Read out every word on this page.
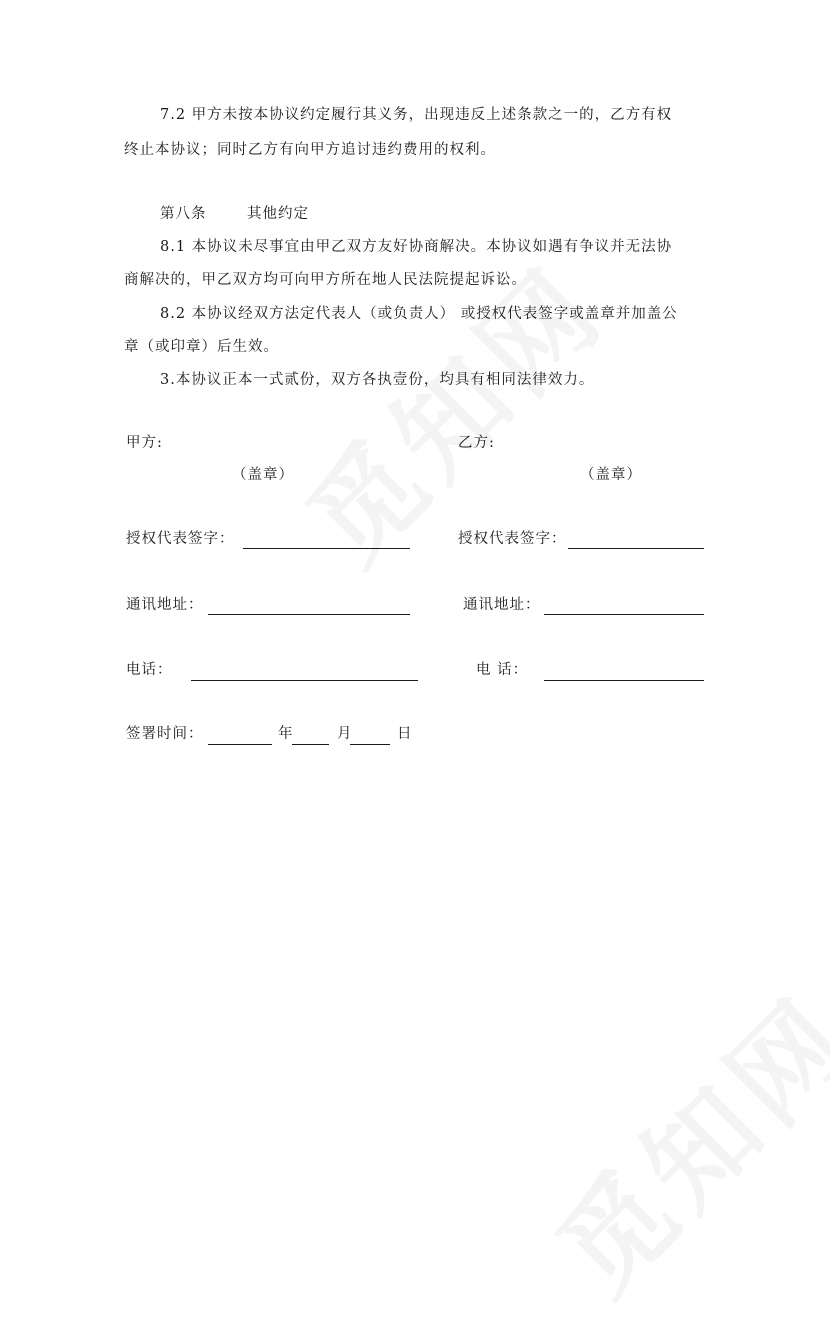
7.2 甲方未按本协议约定履行其义务，出现违反上述条款之一的，乙方有权
终止本协议；同时乙方有向甲方追讨违约费用的权利。
第八条	其他约定
8.1 本协议未尽事宜由甲乙双方友好协商解决。本协议如遇有争议并无法协
商解决的，甲乙双方均可向甲方所在地人民法院提起诉讼。
8.2 本协议经双方法定代表人（或负责人） 或授权代表签字或盖章并加盖公
章（或印章）后生效。
3.本协议正本一式贰份，双方各执壹份，均具有相同法律效力。
甲方:	乙方:
（盖章）	（盖章）
授权代表签字：	授权代表签字：
通讯地址：	通讯地址：
电话：	电 话：
签署时间：	年	月	日
